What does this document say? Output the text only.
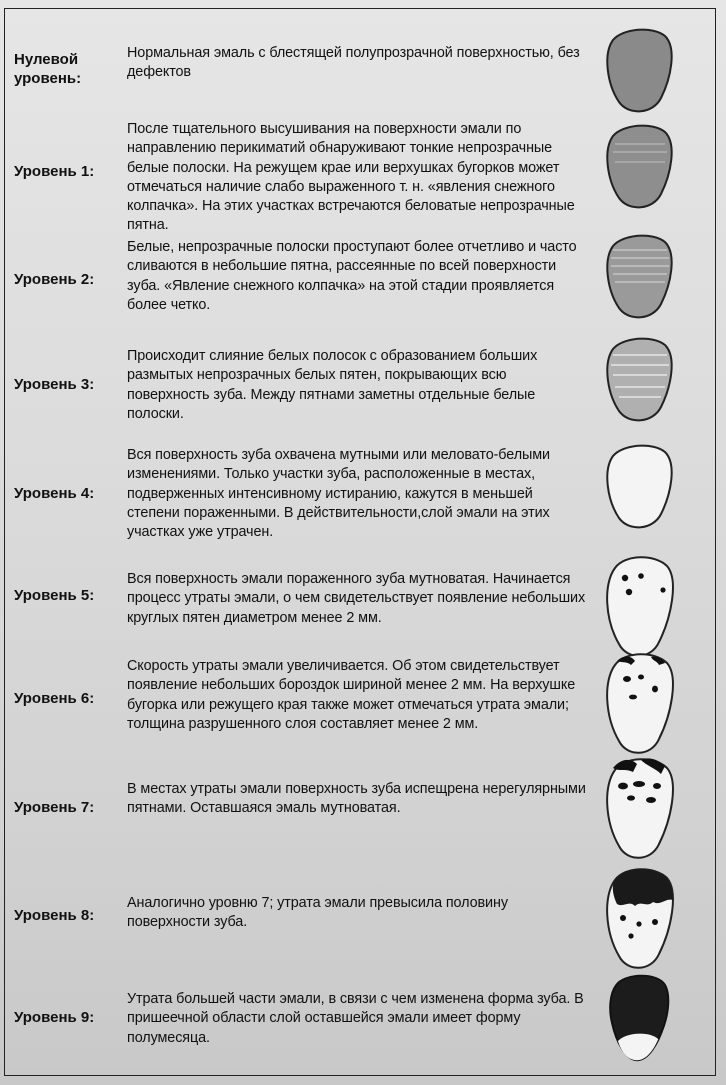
Нулевой уровень:
Нормальная эмаль с блестящей полупрозрачной поверхностью, без дефектов
Уровень 1:
После тщательного высушивания на поверхности эмали по направлению перикиматий обнаруживают тонкие непрозрачные белые полоски. На режущем крае или верхушках бугорков может отмечаться наличие слабо выраженного т. н. «явления снежного колпачка». На этих участках встречаются беловатые непрозрачные пятна.
Уровень 2:
Белые, непрозрачные полоски проступают более отчетливо и часто сливаются в небольшие пятна, рассеянные по всей поверхности зуба. «Явление снежного колпачка» на этой стадии проявляется более четко.
Уровень 3:
Происходит слияние белых полосок с образованием больших размытых непрозрачных белых пятен, покрывающих всю поверхность зуба. Между пятнами заметны отдельные белые полоски.
Уровень 4:
Вся поверхность зуба охвачена мутными или меловато-белыми изменениями. Только участки зуба, расположенные в местах, подверженных интенсивному истиранию, кажутся в меньшей степени пораженными. В действительности,слой эмали на этих участках уже утрачен.
Уровень 5:
Вся поверхность эмали пораженного зуба мутноватая. Начинается процесс утраты эмали, о чем свидетельствует появление небольших круглых пятен диаметром менее 2 мм.
Уровень 6:
Скорость утраты эмали увеличивается. Об этом свидетельствует появление небольших бороздок шириной менее 2 мм. На верхушке бугорка или режущего края также может отмечаться утрата эмали; толщина разрушенного слоя составляет менее 2 мм.
Уровень 7:
В местах утраты эмали поверхность зуба испещрена нерегулярными пятнами. Оставшаяся эмаль мутноватая.
Уровень 8:
Аналогично уровню 7; утрата эмали превысила половину поверхности зуба.
Уровень 9:
Утрата большей части эмали, в связи с чем изменена форма зуба. В пришеечной области слой оставшейся эмали имеет форму полумесяца.
